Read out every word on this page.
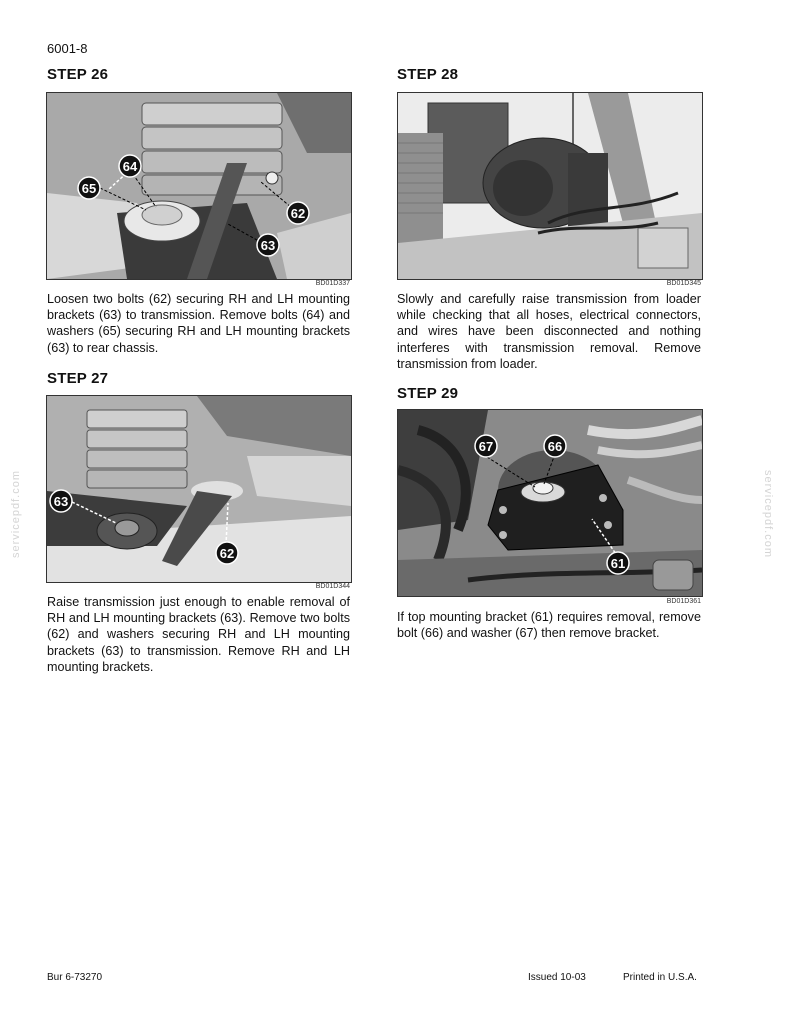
6001-8
servicepdf.com	servicepdf.com
STEP 26
64
65
62
63
BD01D337
Loosen two bolts (62) securing RH and LH mounting brackets (63) to transmission. Remove bolts (64) and washers (65) securing RH and LH mounting brackets (63) to rear chassis.
STEP 27
63
62
BD01D344
Raise transmission just enough to enable removal of RH and LH mounting brackets (63). Remove two bolts (62) and washers securing RH and LH mounting brackets (63) to transmission. Remove RH and LH mounting brackets.
STEP 28
BD01D345
Slowly and carefully raise transmission from loader while checking that all hoses, electrical connectors, and wires have been disconnected and nothing interferes with transmission removal. Remove transmission from loader.
STEP 29
67	66
61
BD01D361
If top mounting bracket (61) requires removal, remove bolt (66) and washer (67) then remove bracket.
Bur 6-73270	Issued 10-03	Printed in U.S.A.
